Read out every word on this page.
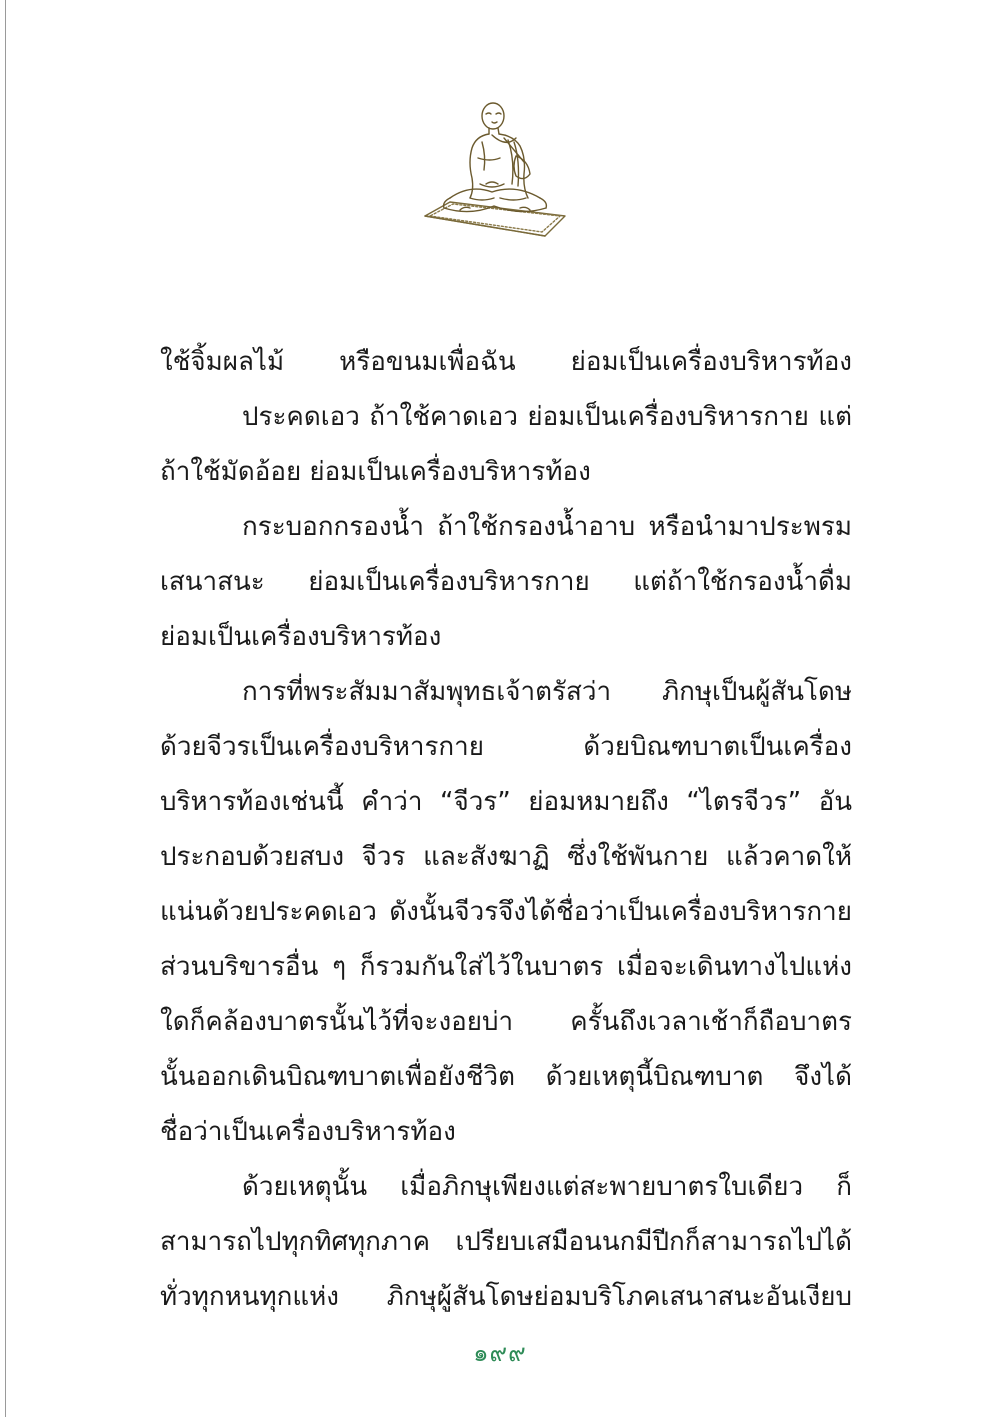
ใช้จิ้มผลไม้ หรือขนมเพื่อฉัน ย่อมเป็นเครื่องบริหารท้อง
ประคดเอว ถ้าใช้คาดเอว ย่อมเป็นเครื่องบริหารกาย แต่
ถ้าใช้มัดอ้อย ย่อมเป็นเครื่องบริหารท้อง
กระบอกกรองน้ำ ถ้าใช้กรองน้ำอาบ หรือนำมาประพรม
เสนาสนะ ย่อมเป็นเครื่องบริหารกาย แต่ถ้าใช้กรองน้ำดื่ม
ย่อมเป็นเครื่องบริหารท้อง
การที่พระสัมมาสัมพุทธเจ้าตรัสว่า ภิกษุเป็นผู้สันโดษ
ด้วยจีวรเป็นเครื่องบริหารกาย ด้วยบิณฑบาตเป็นเครื่อง
บริหารท้องเช่นนี้ คำว่า “จีวร” ย่อมหมายถึง “ไตรจีวร” อัน
ประกอบด้วยสบง จีวร และสังฆาฏิ ซึ่งใช้พันกาย แล้วคาดให้
แน่นด้วยประคดเอว ดังนั้นจีวรจึงได้ชื่อว่าเป็นเครื่องบริหารกาย
ส่วนบริขารอื่น ๆ ก็รวมกันใส่ไว้ในบาตร เมื่อจะเดินทางไปแห่ง
ใดก็คล้องบาตรนั้นไว้ที่จะงอยบ่า ครั้นถึงเวลาเช้าก็ถือบาตร
นั้นออกเดินบิณฑบาตเพื่อยังชีวิต ด้วยเหตุนี้บิณฑบาต จึงได้
ชื่อว่าเป็นเครื่องบริหารท้อง
ด้วยเหตุนั้น เมื่อภิกษุเพียงแต่สะพายบาตรใบเดียว ก็
สามารถไปทุกทิศทุกภาค เปรียบเสมือนนกมีปีกก็สามารถไปได้
ทั่วทุกหนทุกแห่ง ภิกษุผู้สันโดษย่อมบริโภคเสนาสนะอันเงียบ
๑๙๙
